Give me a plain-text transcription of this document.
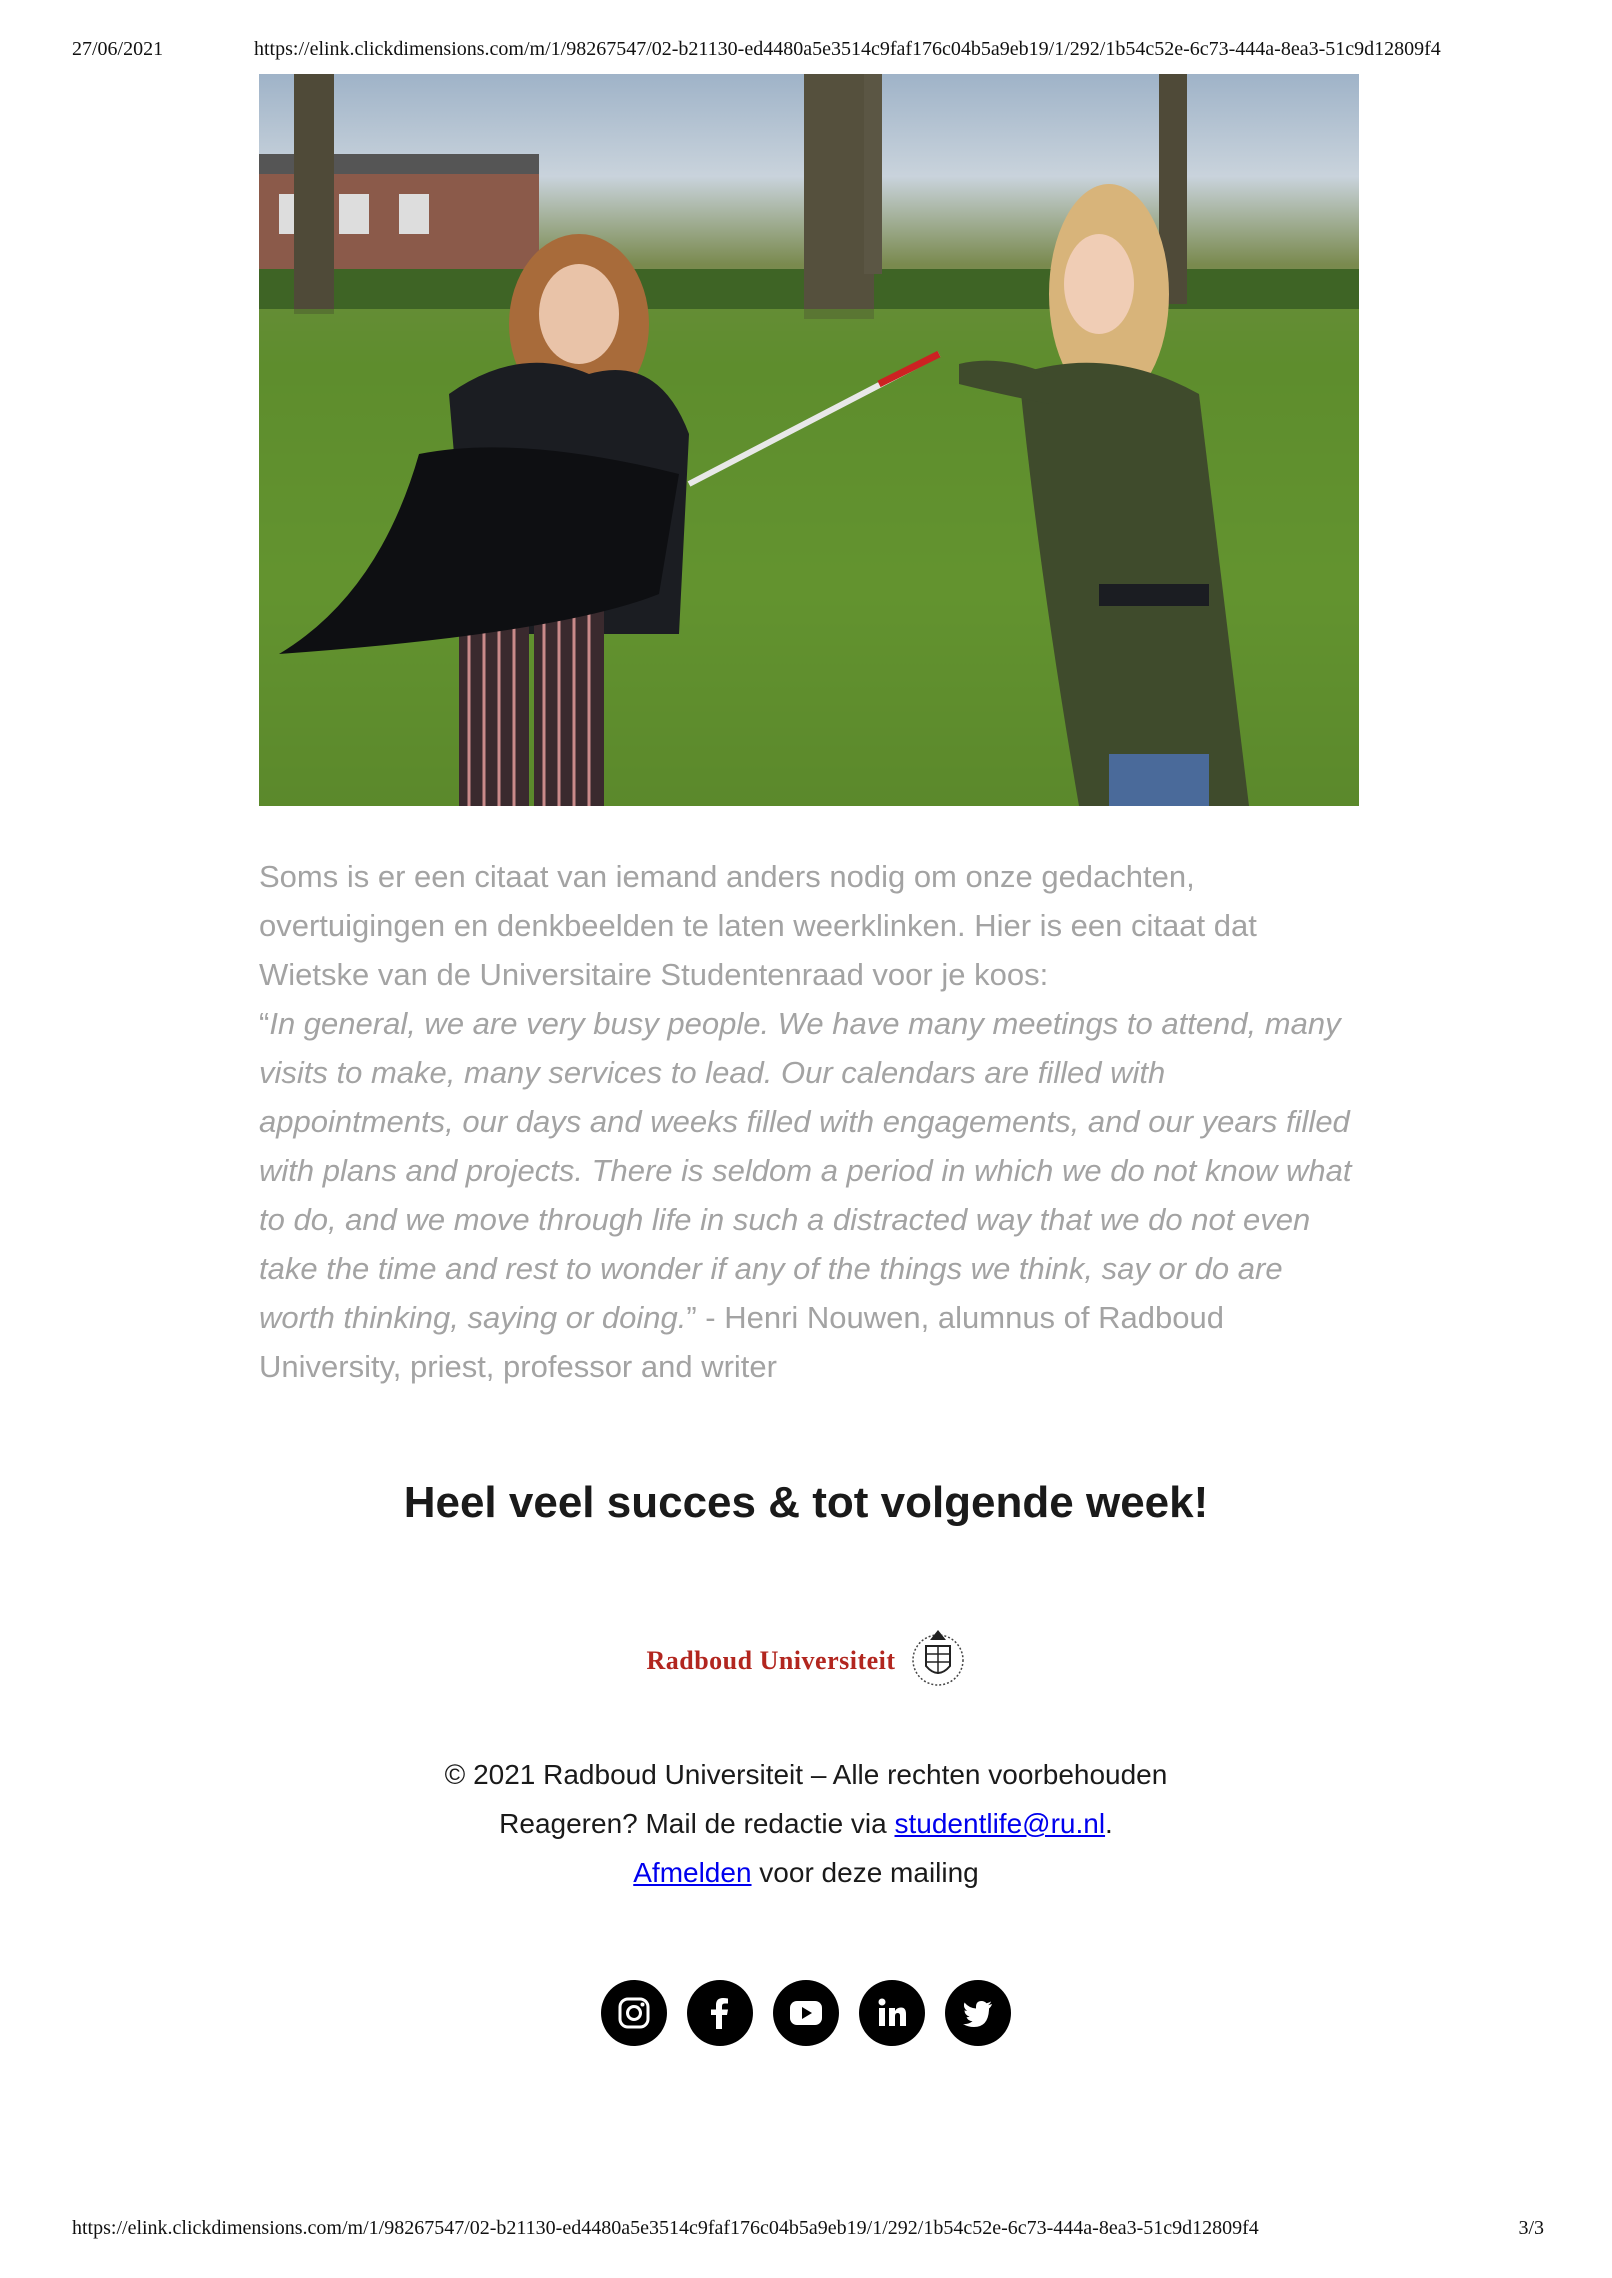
27/06/2021	https://elink.clickdimensions.com/m/1/98267547/02-b21130-ed4480a5e3514c9faf176c04b5a9eb19/1/292/1b54c52e-6c73-444a-8ea3-51c9d12809f4

Soms is er een citaat van iemand anders nodig om onze gedachten, overtuigingen en denkbeelden te laten weerklinken. Hier is een citaat dat Wietske van de Universitaire Studentenraad voor je koos:
“In general, we are very busy people. We have many meetings to attend, many visits to make, many services to lead. Our calendars are filled with appointments, our days and weeks filled with engagements, and our years filled with plans and projects. There is seldom a period in which we do not know what to do, and we move through life in such a distracted way that we do not even take the time and rest to wonder if any of the things we think, say or do are worth thinking, saying or doing.” - Henri Nouwen, alumnus of Radboud University, priest, professor and writer

Heel veel succes & tot volgende week!
Radboud Universiteit
© 2021 Radboud Universiteit – Alle rechten voorbehouden
Reageren? Mail de redactie via studentlife@ru.nl.
Afmelden voor deze mailing
https://elink.clickdimensions.com/m/1/98267547/02-b21130-ed4480a5e3514c9faf176c04b5a9eb19/1/292/1b54c52e-6c73-444a-8ea3-51c9d12809f4	3/3
